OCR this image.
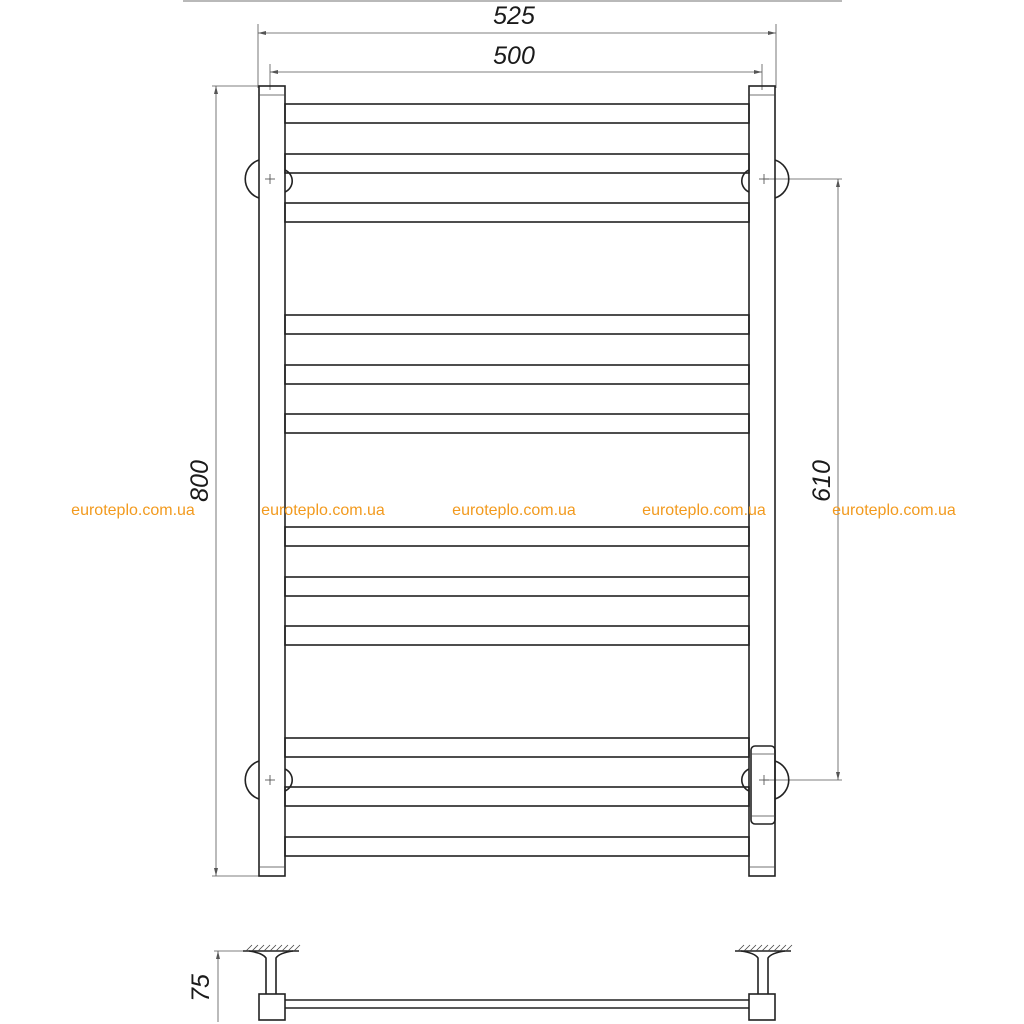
525
500
800	610
euroteplo.com.ua	euroteplo.com.ua	euroteplo.com.ua	euroteplo.com.ua	euroteplo.com.ua
75
